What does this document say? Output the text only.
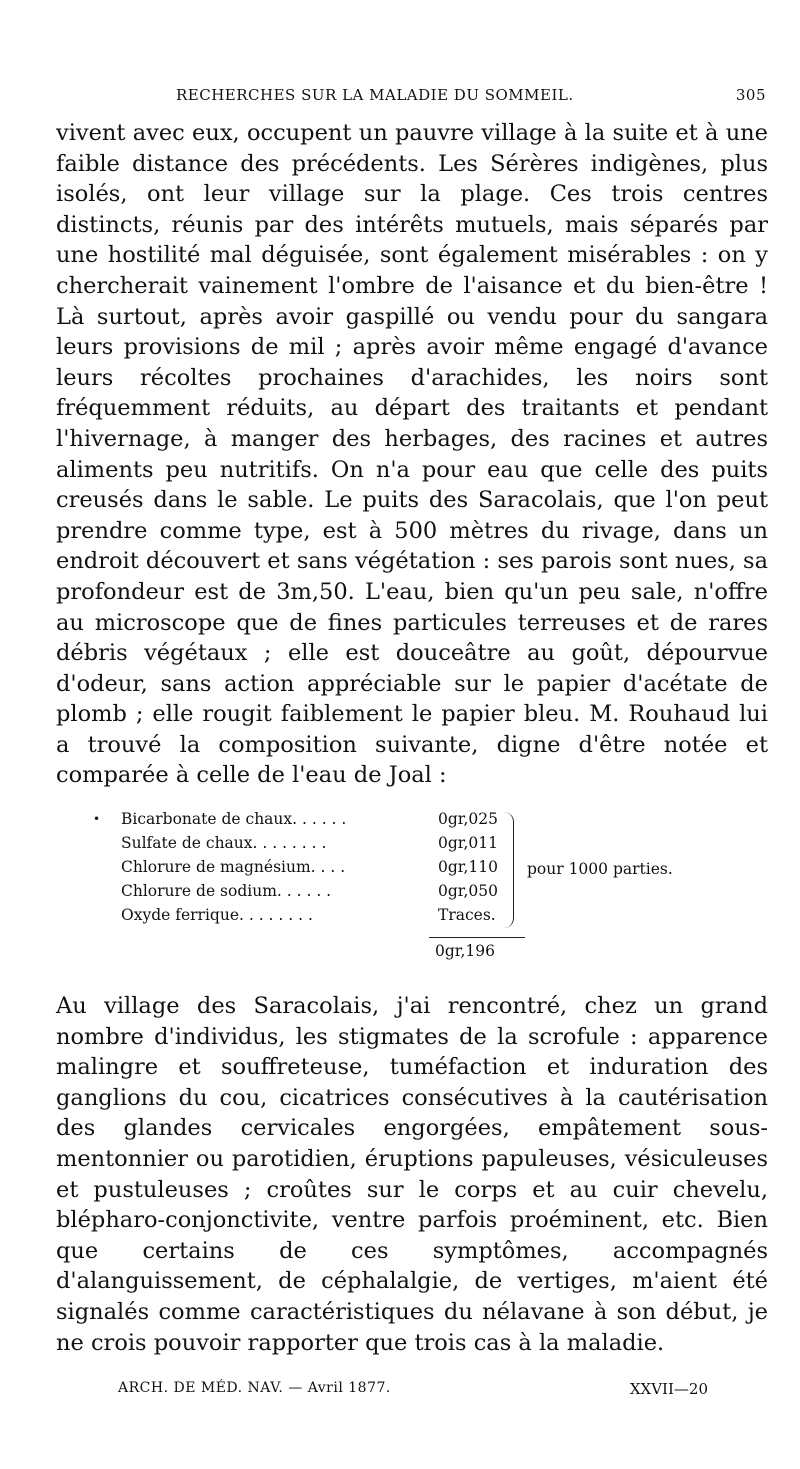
RECHERCHES SUR LA MALADIE DU SOMMEIL.	305

vivent avec eux, occupent un pauvre village à la suite et à une faible distance des précédents. Les Sérères indigènes, plus isolés, ont leur village sur la plage. Ces trois centres distincts, réunis par des intérêts mutuels, mais séparés par une hostilité mal déguisée, sont également misérables : on y chercherait vainement l'ombre de l'aisance et du bien-être ! Là surtout, après avoir gaspillé ou vendu pour du sangara leurs provisions de mil ; après avoir même engagé d'avance leurs récoltes prochaines d'arachides, les noirs sont fréquemment réduits, au départ des traitants et pendant l'hivernage, à manger des herbages, des racines et autres aliments peu nutritifs. On n'a pour eau que celle des puits creusés dans le sable. Le puits des Saracolais, que l'on peut prendre comme type, est à 500 mètres du rivage, dans un endroit découvert et sans végétation : ses parois sont nues, sa profondeur est de 3m,50. L'eau, bien qu'un peu sale, n'offre au microscope que de fines particules terreuses et de rares débris végétaux ; elle est douceâtre au goût, dépourvue d'odeur, sans action appréciable sur le papier d'acétate de plomb ; elle rougit faiblement le papier bleu. M. Rouhaud lui a trouvé la composition suivante, digne d'être notée et comparée à celle de l'eau de Joal :

• Bicarbonate de chaux. . . . . .	0gr,025
Sulfate de chaux. . . . . . . .	0gr,011
Chlorure de magnésium. . . .	0gr,110
Chlorure de sodium. . . . . .	0gr,050
Oxyde ferrique. . . . . . . .	Traces.
pour 1000 parties.
0gr,196

Au village des Saracolais, j'ai rencontré, chez un grand nombre d'individus, les stigmates de la scrofule : apparence malingre et souffreteuse, tuméfaction et induration des ganglions du cou, cicatrices consécutives à la cautérisation des glandes cervicales engorgées, empâtement sous-mentonnier ou parotidien, éruptions papuleuses, vésiculeuses et pustuleuses ; croûtes sur le corps et au cuir chevelu, blépharo-conjonctivite, ventre parfois proéminent, etc. Bien que certains de ces symptômes, accompagnés d'alanguissement, de céphalalgie, de vertiges, m'aient été signalés comme caractéristiques du nélavane à son début, je ne crois pouvoir rapporter que trois cas à la maladie.

ARCH. DE MÉD. NAV. — Avril 1877.	XXVII—20
